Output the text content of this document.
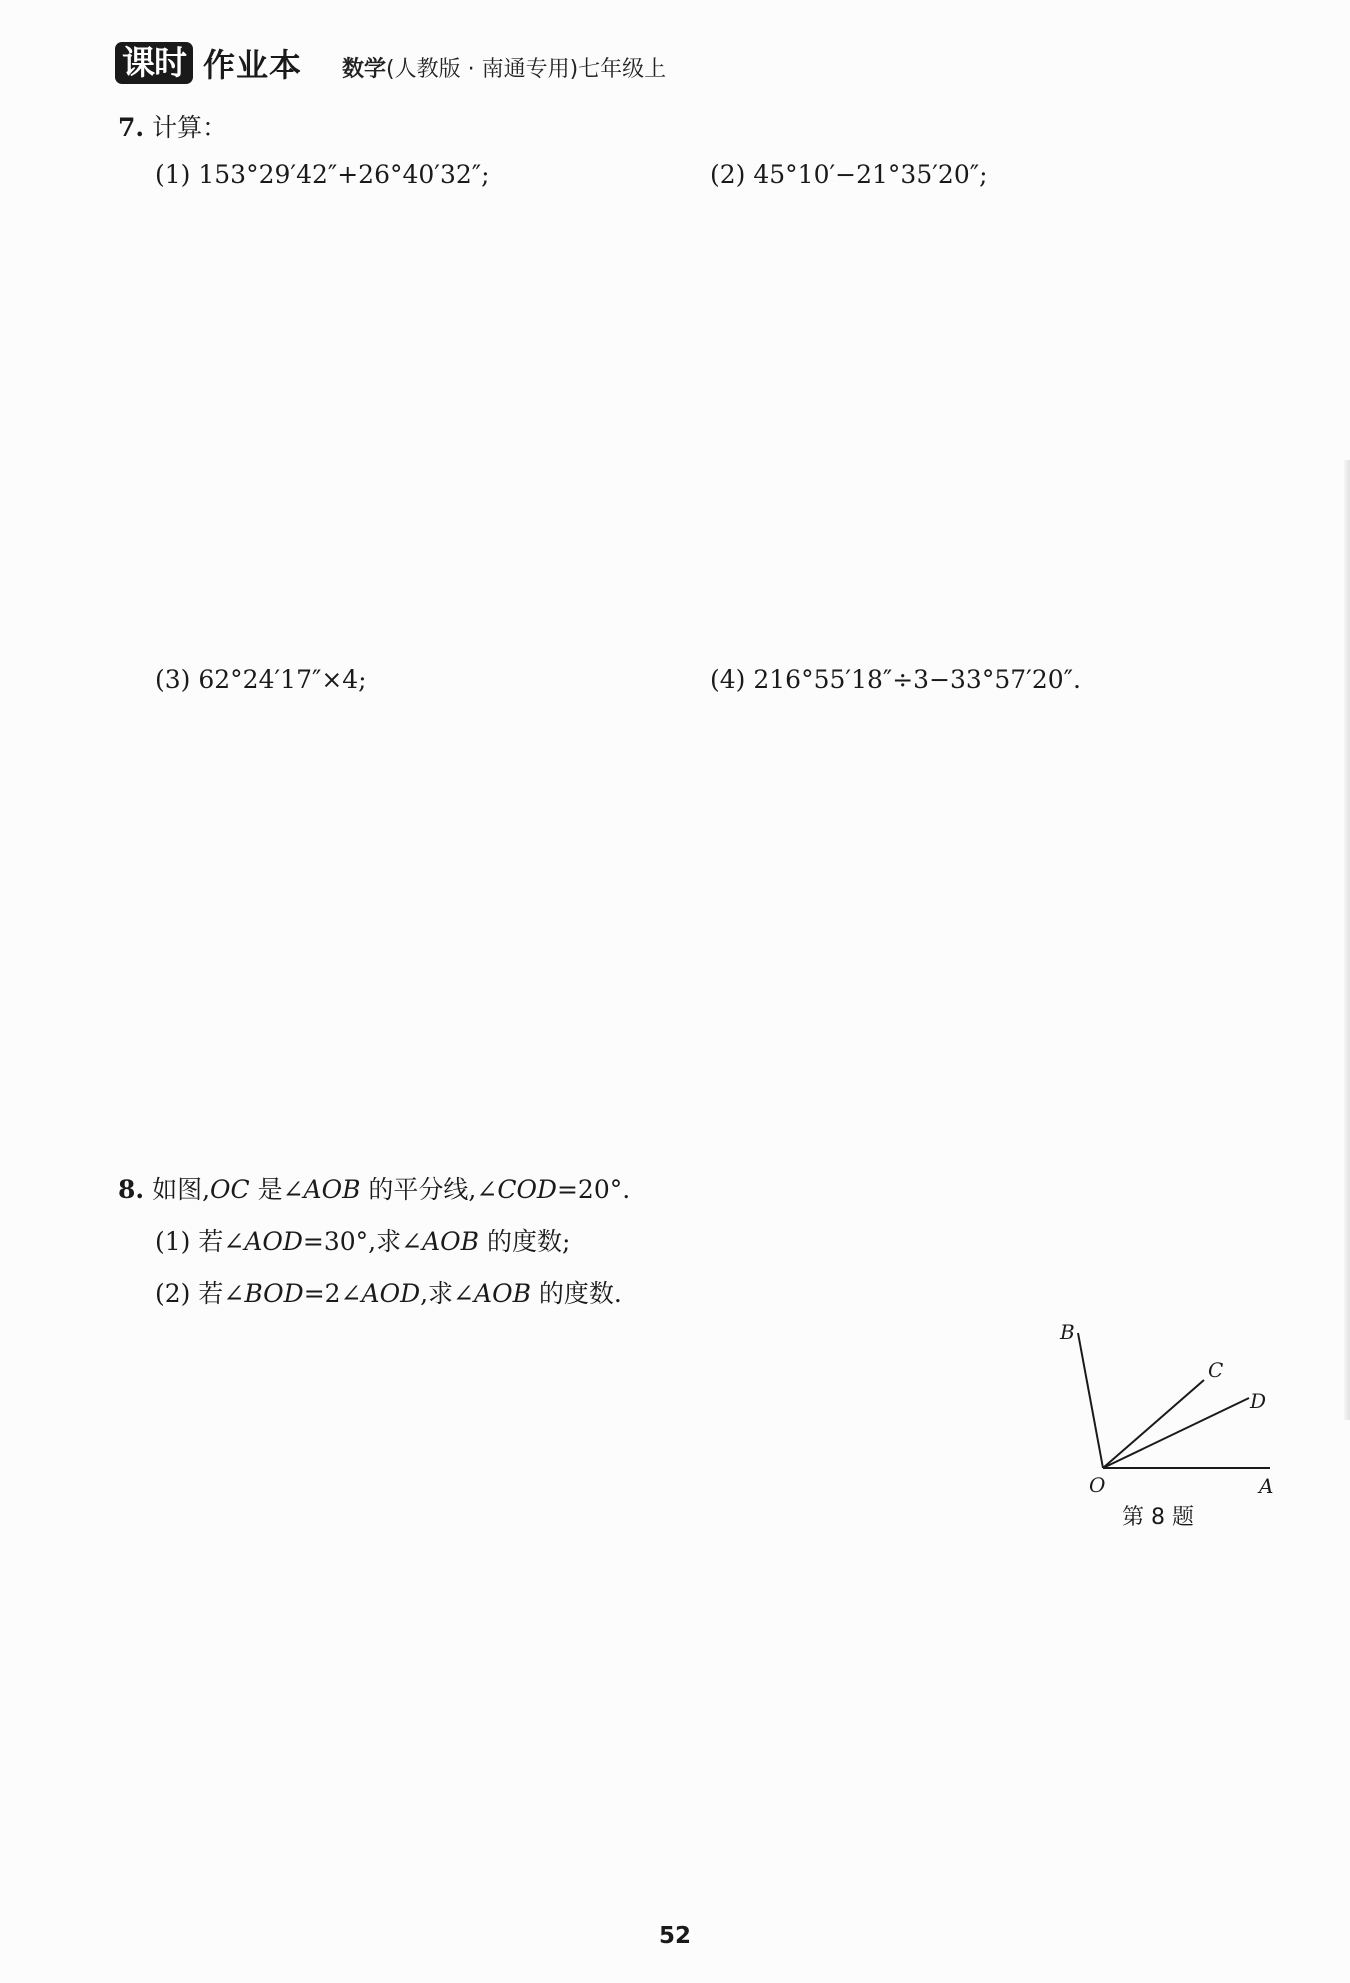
课时 作业本 数学(人教版 · 南通专用)七年级上
7. 计算：
(1) 153°29′42″+26°40′32″;	(2) 45°10′−21°35′20″;
(3) 62°24′17″×4;	(4) 216°55′18″÷3−33°57′20″.
8. 如图,OC 是∠AOB 的平分线,∠COD=20°.
(1) 若∠AOD=30°,求∠AOB 的度数;
(2) 若∠BOD=2∠AOD,求∠AOB 的度数.
B
C
D
O	A
第 8 题
52
